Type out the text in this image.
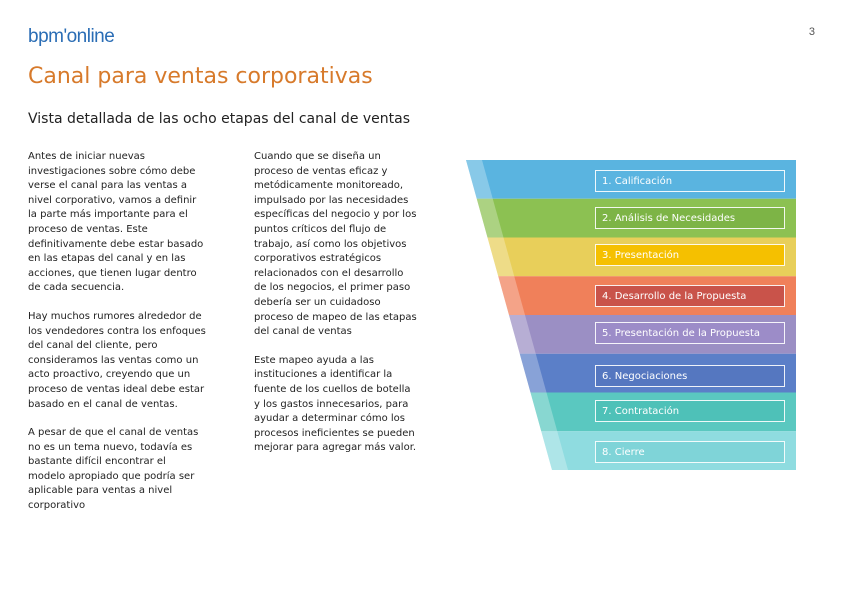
bpm'online	3
Canal para ventas corporativas
Vista detallada de las ocho etapas del canal de ventas

Antes de iniciar nuevas investigaciones sobre cómo debe verse el canal para las ventas a nivel corporativo, vamos a definir la parte más importante para el proceso de ventas. Este definitivamente debe estar basado en las etapas del canal y en las acciones, que tienen lugar dentro de cada secuencia.

Hay muchos rumores alrededor de los vendedores contra los enfoques del canal del cliente, pero consideramos las ventas como un acto proactivo, creyendo que un proceso de ventas ideal debe estar basado en el canal de ventas.

A pesar de que el canal de ventas no es un tema nuevo, todavía es bastante difícil encontrar el modelo apropiado que podría ser aplicable para ventas a nivel corporativo

Cuando que se diseña un proceso de ventas eficaz y metódicamente monitoreado, impulsado por las necesidades específicas del negocio y por los puntos críticos del flujo de trabajo, así como los objetivos corporativos estratégicos relacionados con el desarrollo de los negocios, el primer paso debería ser un cuidadoso proceso de mapeo de las etapas del canal de ventas

Este mapeo ayuda a las instituciones a identificar la fuente de los cuellos de botella y los gastos innecesarios, para ayudar a determinar cómo los procesos ineficientes se pueden mejorar para agregar más valor.

1. Calificación
2. Análisis de Necesidades
3. Presentación
4. Desarrollo de la Propuesta
5. Presentación de la Propuesta
6. Negociaciones
7. Contratación
8. Cierre
